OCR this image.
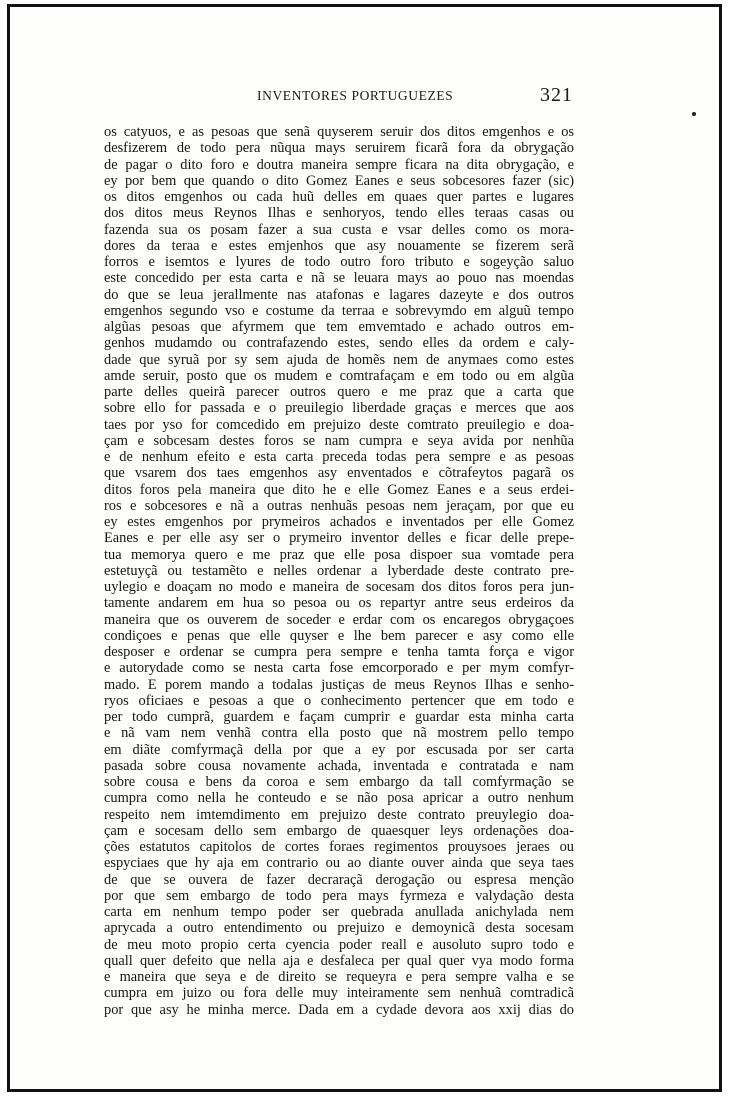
INVENTORES PORTUGUEZES	321
os catyuos, e as pesoas que senã quyserem seruir dos ditos emgenhos e os
desfizerem de todo pera nũqua mays seruirem ficarã fora da obrygação
de pagar o dito foro e doutra maneira sempre ficara na dita obrygação, e
ey por bem que quando o dito Gomez Eanes e seus sobcesores fazer (sic)
os ditos emgenhos ou cada huũ delles em quaes quer partes e lugares
dos ditos meus Reynos Ilhas e senhoryos, tendo elles teraas casas ou
fazenda sua os posam fazer a sua custa e vsar delles como os mora-
dores da teraa e estes emjenhos que asy nouamente se fizerem serã
forros e isemtos e lyures de todo outro foro tributo e sogeyção saluo
este concedido per esta carta e nã se leuara mays ao pouo nas moendas
do que se leua jerallmente nas atafonas e lagares dazeyte e dos outros
emgenhos segundo vso e costume da terraa e sobrevymdo em alguũ tempo
algũas pesoas que afyrmem que tem emvemtado e achado outros em-
genhos mudamdo ou contrafazendo estes, sendo elles da ordem e caly-
dade que syruã por sy sem ajuda de homẽs nem de anymaes como estes
amde seruir, posto que os mudem e comtrafaçam e em todo ou em algũa
parte delles queirã parecer outros quero e me praz que a carta que
sobre ello for passada e o preuilegio liberdade graças e merces que aos
taes por yso for comcedido em prejuizo deste comtrato preuilegio e doa-
çam e sobcesam destes foros se nam cumpra e seya avida por nenhũa
e de nenhum efeito e esta carta preceda todas pera sempre e as pesoas
que vsarem dos taes emgenhos asy enventados e cõtrafeytos pagarã os
ditos foros pela maneira que dito he e elle Gomez Eanes e a seus erdei-
ros e sobcesores e nã a outras nenhuãs pesoas nem jeraçam, por que eu
ey estes emgenhos por prymeiros achados e inventados per elle Gomez
Eanes e per elle asy ser o prymeiro inventor delles e ficar delle prepe-
tua memorya quero e me praz que elle posa dispoer sua vomtade pera
estetuyçã ou testamẽto e nelles ordenar a lyberdade deste contrato pre-
uylegio e doaçam no modo e maneira de socesam dos ditos foros pera jun-
tamente andarem em hua so pesoa ou os repartyr antre seus erdeiros da
maneira que os ouverem de soceder e erdar com os encaregos obrygaçoes
condiçoes e penas que elle quyser e lhe bem parecer e asy como elle
desposer e ordenar se cumpra pera sempre e tenha tamta força e vigor
e autorydade como se nesta carta fose emcorporado e per mym comfyr-
mado. E porem mando a todalas justiças de meus Reynos Ilhas e senho-
ryos oficiaes e pesoas a que o conhecimento pertencer que em todo e
per todo cumprã, guardem e façam cumprir e guardar esta minha carta
e nã vam nem venhã contra ella posto que nã mostrem pello tempo
em diãte comfyrmaçã della por que a ey por escusada por ser carta
pasada sobre cousa novamente achada, inventada e contratada e nam
sobre cousa e bens da coroa e sem embargo da tall comfyrmação se
cumpra como nella he conteudo e se não posa apricar a outro nenhum
respeito nem imtemdimento em prejuizo deste contrato preuylegio doa-
çam e socesam dello sem embargo de quaesquer leys ordenações doa-
ções estatutos capitolos de cortes foraes regimentos prouysoes jeraes ou
espyciaes que hy aja em contrario ou ao diante ouver ainda que seya taes
de que se ouvera de fazer decraraçã derogação ou espresa menção
por que sem embargo de todo pera mays fyrmeza e valydação desta
carta em nenhum tempo poder ser quebrada anullada anichylada nem
aprycada a outro entendimento ou prejuizo e demoynicã desta socesam
de meu moto propio certa cyencia poder reall e ausoluto supro todo e
quall quer defeito que nella aja e desfaleca per qual quer vya modo forma
e maneira que seya e de direito se requeyra e pera sempre valha e se
cumpra em juizo ou fora delle muy inteiramente sem nenhuã comtradicã
por que asy he minha merce. Dada em a cydade devora aos xxij dias do
